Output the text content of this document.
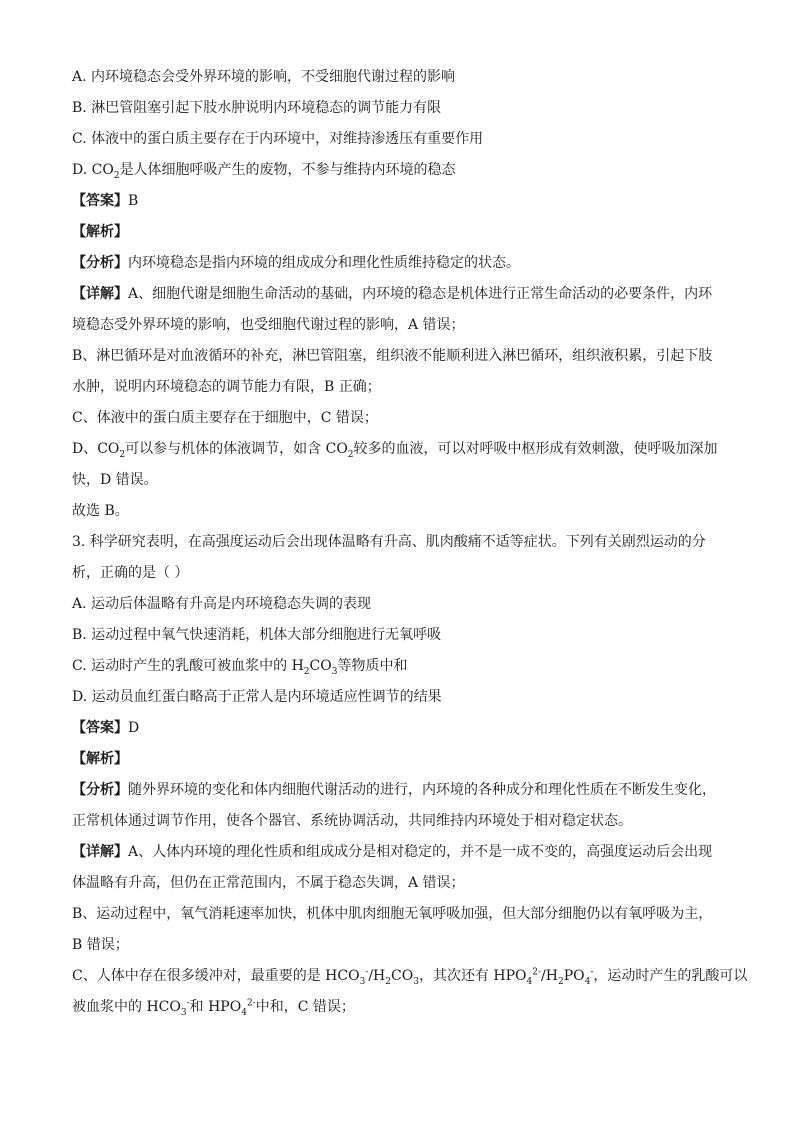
A. 内环境稳态会受外界环境的影响，不受细胞代谢过程的影响
B. 淋巴管阻塞引起下肢水肿说明内环境稳态的调节能力有限
C. 体液中的蛋白质主要存在于内环境中，对维持渗透压有重要作用
D. $CO_2$是人体细胞呼吸产生的废物，不参与维持内环境的稳态
【答案】B
【解析】
【分析】内环境稳态是指内环境的组成成分和理化性质维持稳定的状态。
【详解】A、细胞代谢是细胞生命活动的基础，内环境的稳态是机体进行正常生命活动的必要条件，内环
境稳态受外界环境的影响，也受细胞代谢过程的影响，A 错误；
B、淋巴循环是对血液循环的补充，淋巴管阻塞，组织液不能顺利进入淋巴循环，组织液积累，引起下肢
水肿，说明内环境稳态的调节能力有限，B 正确；
C、体液中的蛋白质主要存在于细胞中，C 错误；
D、$CO_2$可以参与机体的体液调节，如含 $CO_2$较多的血液，可以对呼吸中枢形成有效刺激，使呼吸加深加
快，D 错误。
故选 B。
3. 科学研究表明，在高强度运动后会出现体温略有升高、肌肉酸痛不适等症状。下列有关剧烈运动的分
析，正确的是（ ）
A. 运动后体温略有升高是内环境稳态失调的表现
B. 运动过程中氧气快速消耗，机体大部分细胞进行无氧呼吸
C. 运动时产生的乳酸可被血浆中的 $H_2CO_3$等物质中和
D. 运动员血红蛋白略高于正常人是内环境适应性调节的结果
【答案】D
【解析】
【分析】随外界环境的变化和体内细胞代谢活动的进行，内环境的各种成分和理化性质在不断发生变化，
正常机体通过调节作用，使各个器官、系统协调活动，共同维持内环境处于相对稳定状态。
【详解】A、人体内环境的理化性质和组成成分是相对稳定的，并不是一成不变的，高强度运动后会出现
体温略有升高，但仍在正常范围内，不属于稳态失调，A 错误；
B、运动过程中，氧气消耗速率加快，机体中肌肉细胞无氧呼吸加强，但大部分细胞仍以有氧呼吸为主，
B 错误；
C、人体中存在很多缓冲对，最重要的是 $HCO_3^-/H_2CO_3$，其次还有 $HPO_4^{2-}/H_2PO_4^-$，运动时产生的乳酸可以
被血浆中的 $HCO_3^-$和 $HPO_4^{2-}$中和，C 错误；
